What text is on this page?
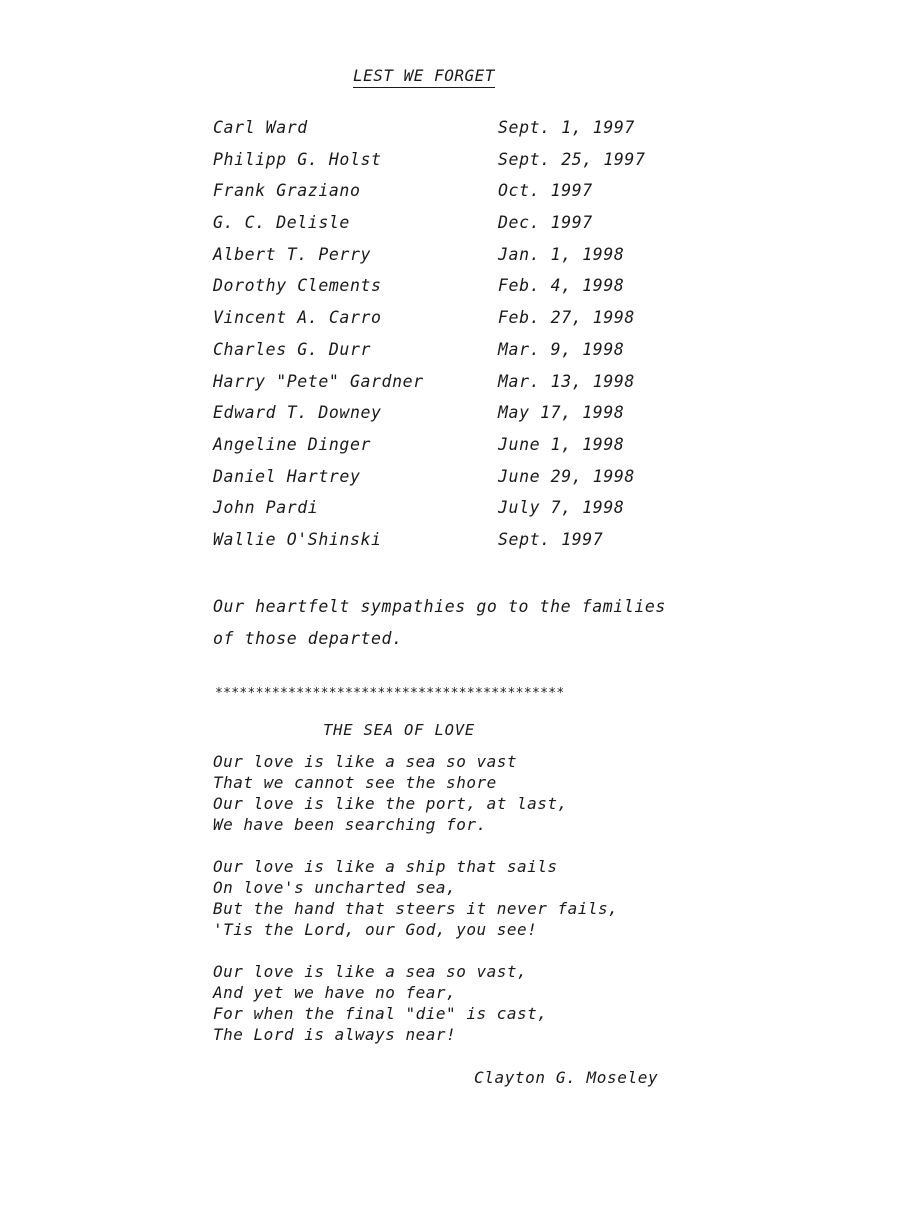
LEST WE FORGET
Carl Ward	Sept. 1, 1997
Philipp G. Holst	Sept. 25, 1997
Frank Graziano	Oct. 1997
G. C. Delisle	Dec. 1997
Albert T. Perry	Jan. 1, 1998
Dorothy Clements	Feb. 4, 1998
Vincent A. Carro	Feb. 27, 1998
Charles G. Durr	Mar. 9, 1998
Harry "Pete" Gardner	Mar. 13, 1998
Edward T. Downey	May 17, 1998
Angeline Dinger	June 1, 1998
Daniel Hartrey	June 29, 1998
John Pardi	July 7, 1998
Wallie O'Shinski	Sept. 1997
Our heartfelt sympathies go to the families
of those departed.
*******************************************
THE SEA OF LOVE
Our love is like a sea so vast
That we cannot see the shore
Our love is like the port, at last,
We have been searching for.
Our love is like a ship that sails
On love's uncharted sea,
But the hand that steers it never fails,
'Tis the Lord, our God, you see!
Our love is like a sea so vast,
And yet we have no fear,
For when the final "die" is cast,
The Lord is always near!
Clayton G. Moseley
